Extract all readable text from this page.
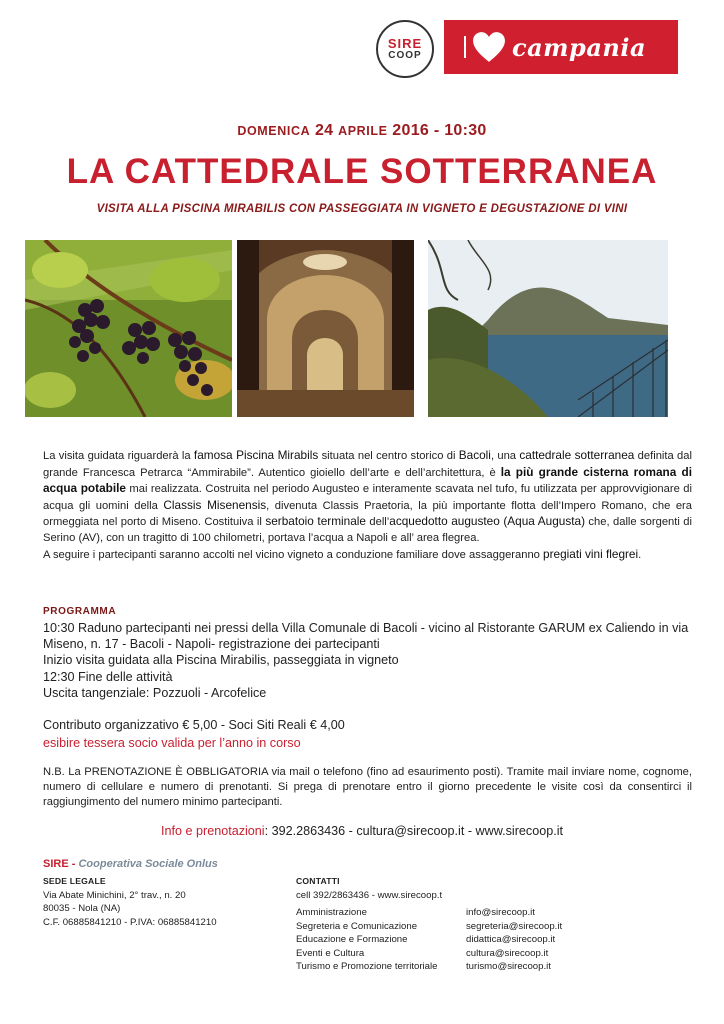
SIRE
COOP	campania
DOMENICA 24 APRILE 2016 - 10:30
LA CATTEDRALE SOTTERRANEA
VISITA ALLA PISCINA MIRABILIS CON PASSEGGIATA IN VIGNETO E DEGUSTAZIONE DI VINI

La visita guidata riguarderà la famosa Piscina Mirabils situata nel centro storico di Bacoli, una cattedrale sotterranea definita dal grande Francesca Petrarca “Ammirabile”. Autentico gioiello dell’arte e dell’architettura, è la più grande cisterna romana di acqua potabile mai realizzata. Costruita nel periodo Augusteo e interamente scavata nel tufo, fu utilizzata per approvvigionare di acqua gli uomini della Classis Misenensis, divenuta Classis Praetoria, la più importante flotta dell’Impero Romano, che era ormeggiata nel porto di Miseno. Costituiva il serbatoio terminale dell’acquedotto augusteo (Aqua Augusta) che, dalle sorgenti di Serino (AV), con un tragitto di 100 chilometri, portava l’acqua a Napoli e all’ area flegrea.

A seguire i partecipanti saranno accolti nel vicino vigneto a conduzione familiare dove assaggeranno pregiati vini flegrei.

PROGRAMMA
10:30 Raduno partecipanti nei pressi della Villa Comunale di Bacoli - vicino al Ristorante GARUM ex Caliendo in via Miseno, n. 17 - Bacoli - Napoli- registrazione dei partecipanti
Inizio visita guidata alla Piscina Mirabilis, passeggiata in vigneto
12:30 Fine delle attività
Uscita tangenziale: Pozzuoli - Arcofelice
Contributo organizzativo € 5,00 - Soci Siti Reali € 4,00
esibire tessera socio valida per l’anno in corso
N.B. La PRENOTAZIONE È OBBLIGATORIA via mail o telefono (fino ad esaurimento posti). Tramite mail inviare nome, cognome, numero di cellulare e numero di prenotanti. Si prega di prenotare entro il giorno precedente le visite così da consentirci il raggiungimento del numero minimo partecipanti.
Info e prenotazioni: 392.2863436 - cultura@sirecoop.it - www.sirecoop.it
SIRE - Cooperativa Sociale Onlus
SEDE LEGALE
Via Abate Minichini, 2° trav., n. 20
80035 - Nola (NA)
C.F. 06885841210 - P.IVA: 06885841210
CONTATTI
cell 392/2863436 - www.sirecoop.t
Amministrazione	info@sirecoop.it
Segreteria e Comunicazione	segreteria@sirecoop.it
Educazione e Formazione	didattica@sirecoop.it
Eventi e Cultura	cultura@sirecoop.it
Turismo e Promozione territoriale	turismo@sirecoop.it
